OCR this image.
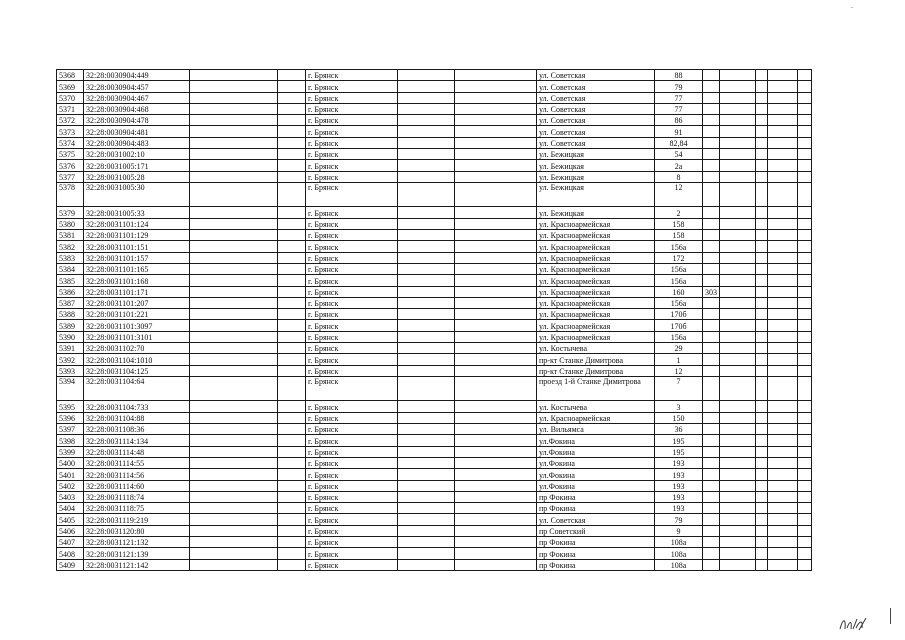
-
5368	32:28:0030904:449			г. Брянск			ул. Советская	88					
5369	32:28:0030904:457			г. Брянск			ул. Советская	79					
5370	32:28:0030904:467			г. Брянск			ул. Советская	77					
5371	32:28:0030904:468			г. Брянск			ул. Советская	77					
5372	32:28:0030904:478			г. Брянск			ул. Советская	86					
5373	32:28:0030904:481			г. Брянск			ул. Советская	91					
5374	32:28:0030904:483			г. Брянск			ул. Советская	82,84					
5375	32:28:0031002:10			г. Брянск			ул. Бежицкая	54					
5376	32:28:0031005:171			г. Брянск			ул. Бежицкая	2а					
5377	32:28:0031005:28			г. Брянск			ул. Бежицкая	8					
5378	32:28:0031005:30			г. Брянск			ул. Бежицкая	12					
5379	32:28:0031005:33			г. Брянск			ул. Бежицкая	2					
5380	32:28:0031101:124			г. Брянск			ул. Красноармейская	158					
5381	32:28:0031101:129			г. Брянск			ул. Красноармейская	158					
5382	32:28:0031101:151			г. Брянск			ул. Красноармейская	156а					
5383	32:28:0031101:157			г. Брянск			ул. Красноармейская	172					
5384	32:28:0031101:165			г. Брянск			ул. Красноармейская	156а					
5385	32:28:0031101:168			г. Брянск			ул. Красноармейская	156а					
5386	32:28:0031101:171			г. Брянск			ул. Красноармейская	160	303				
5387	32:28:0031101:207			г. Брянск			ул. Красноармейская	156а					
5388	32:28:0031101:221			г. Брянск			ул. Красноармейская	170б					
5389	32:28:0031101:3097			г. Брянск			ул. Красноармейская	170б					
5390	32:28:0031101:3101			г. Брянск			ул. Красноармейская	156а					
5391	32:28:0031102:70			г. Брянск			ул. Костычева	29					
5392	32:28:0031104:1010			г. Брянск			пр-кт Станке Димитрова	1					
5393	32:28:0031104:125			г. Брянск			пр-кт Станке Димитрова	12					
5394	32:28:0031104:64			г. Брянск			проезд 1-й Станке Димитрова	7					
5395	32:28:0031104:733			г. Брянск			ул. Костычева	3					
5396	32:28:0031104:88			г. Брянск			ул. Красноармейская	150					
5397	32:28:0031108:36			г. Брянск			ул. Вильямса	36					
5398	32:28:0031114:134			г. Брянск			ул.Фокина	195					
5399	32:28:0031114:48			г. Брянск			ул.Фокина	195					
5400	32:28:0031114:55			г. Брянск			ул.Фокина	193					
5401	32:28:0031114:56			г. Брянск			ул.Фокина	193					
5402	32:28:0031114:60			г. Брянск			ул.Фокина	193					
5403	32:28:0031118:74			г. Брянск			пр Фокина	193					
5404	32:28:0031118:75			г. Брянск			пр Фокина	193					
5405	32:28:0031119:219			г. Брянск			ул. Советская	79					
5406	32:28:0031120:80			г. Брянск			пр Советский	9					
5407	32:28:0031121:132			г. Брянск			пр Фокина	108а					
5408	32:28:0031121:139			г. Брянск			пр Фокина	108а					
5409	32:28:0031121:142			г. Брянск			пр Фокина	108а					
